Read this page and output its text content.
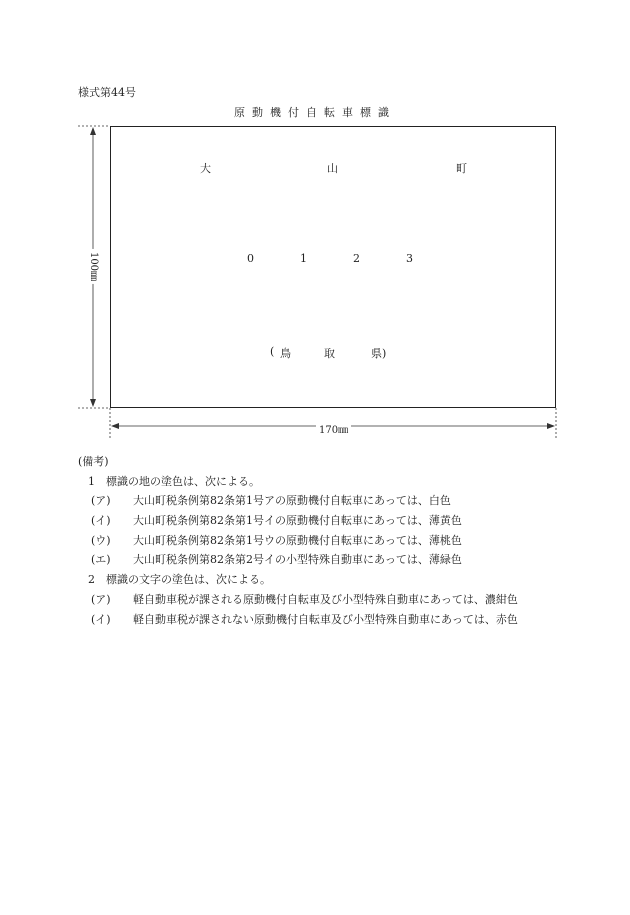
様式第44号
原動機付自転車標識
大	山	町
0	1	2	3
( 鳥	取	県)
100㎜
170㎜
(備考)
1 標識の地の塗色は、次による。
(ア) 大山町税条例第82条第1号アの原動機付自転車にあっては、白色
(イ) 大山町税条例第82条第1号イの原動機付自転車にあっては、薄黄色
(ウ) 大山町税条例第82条第1号ウの原動機付自転車にあっては、薄桃色
(エ) 大山町税条例第82条第2号イの小型特殊自動車にあっては、薄緑色
2 標識の文字の塗色は、次による。
(ア) 軽自動車税が課される原動機付自転車及び小型特殊自動車にあっては、濃紺色
(イ) 軽自動車税が課されない原動機付自転車及び小型特殊自動車にあっては、赤色
